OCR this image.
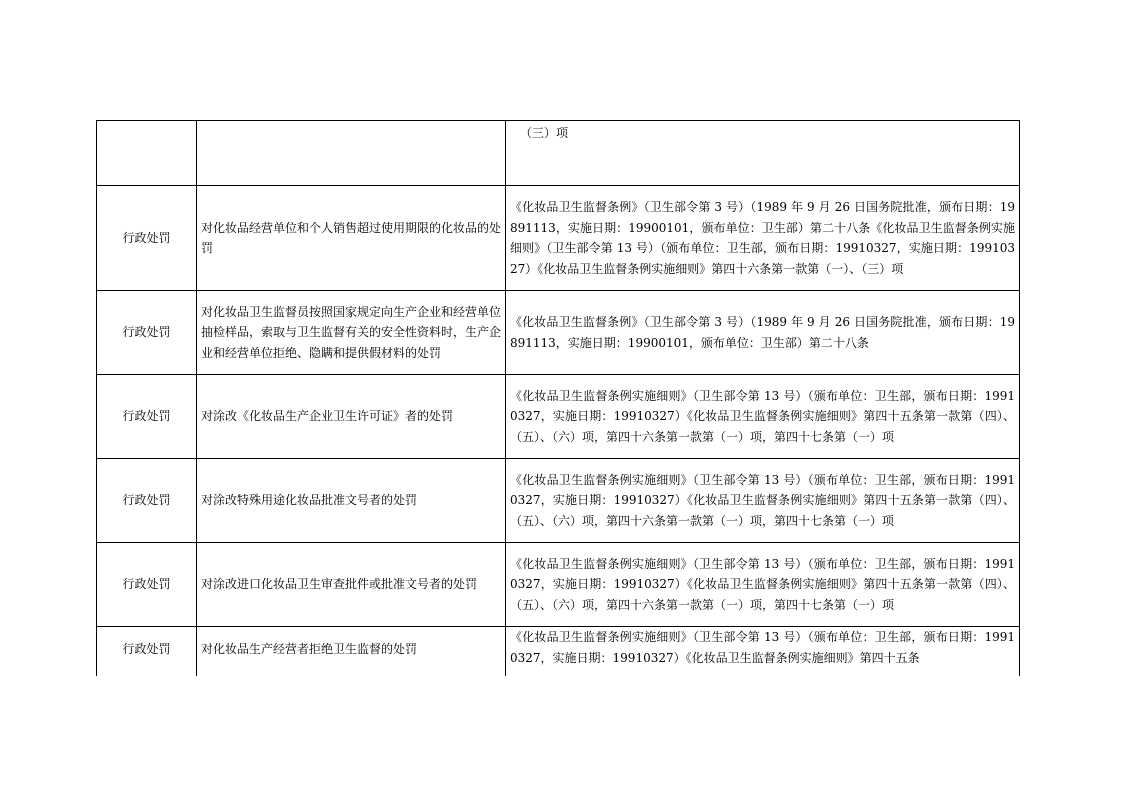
		（三）项
行政处罚	对化妆品经营单位和个人销售超过使用期限的化妆品的处罚	《化妆品卫生监督条例》（卫生部令第 3 号）（1989 年 9 月 26 日国务院批准，颁布日期：19891113，实施日期：19900101，颁布单位：卫生部）第二十八条《化妆品卫生监督条例实施细则》（卫生部令第 13 号）（颁布单位：卫生部，颁布日期：19910327，实施日期：19910327）《化妆品卫生监督条例实施细则》第四十六条第一款第（一）、（三）项
行政处罚	对化妆品卫生监督员按照国家规定向生产企业和经营单位抽检样品，索取与卫生监督有关的安全性资料时，生产企业和经营单位拒绝、隐瞒和提供假材料的处罚	《化妆品卫生监督条例》（卫生部令第 3 号）（1989 年 9 月 26 日国务院批准，颁布日期：19891113，实施日期：19900101，颁布单位：卫生部）第二十八条
行政处罚	对涂改《化妆品生产企业卫生许可证》者的处罚	《化妆品卫生监督条例实施细则》（卫生部令第 13 号）（颁布单位：卫生部，颁布日期：19910327，实施日期：19910327）《化妆品卫生监督条例实施细则》第四十五条第一款第（四）、（五）、（六）项，第四十六条第一款第（一）项，第四十七条第（一）项
行政处罚	对涂改特殊用途化妆品批准文号者的处罚	《化妆品卫生监督条例实施细则》（卫生部令第 13 号）（颁布单位：卫生部，颁布日期：19910327，实施日期：19910327）《化妆品卫生监督条例实施细则》第四十五条第一款第（四）、（五）、（六）项，第四十六条第一款第（一）项，第四十七条第（一）项
行政处罚	对涂改进口化妆品卫生审查批件或批准文号者的处罚	《化妆品卫生监督条例实施细则》（卫生部令第 13 号）（颁布单位：卫生部，颁布日期：19910327，实施日期：19910327）《化妆品卫生监督条例实施细则》第四十五条第一款第（四）、（五）、（六）项，第四十六条第一款第（一）项，第四十七条第（一）项
行政处罚	对化妆品生产经营者拒绝卫生监督的处罚	《化妆品卫生监督条例实施细则》（卫生部令第 13 号）（颁布单位：卫生部，颁布日期：19910327，实施日期：19910327）《化妆品卫生监督条例实施细则》第四十五条
